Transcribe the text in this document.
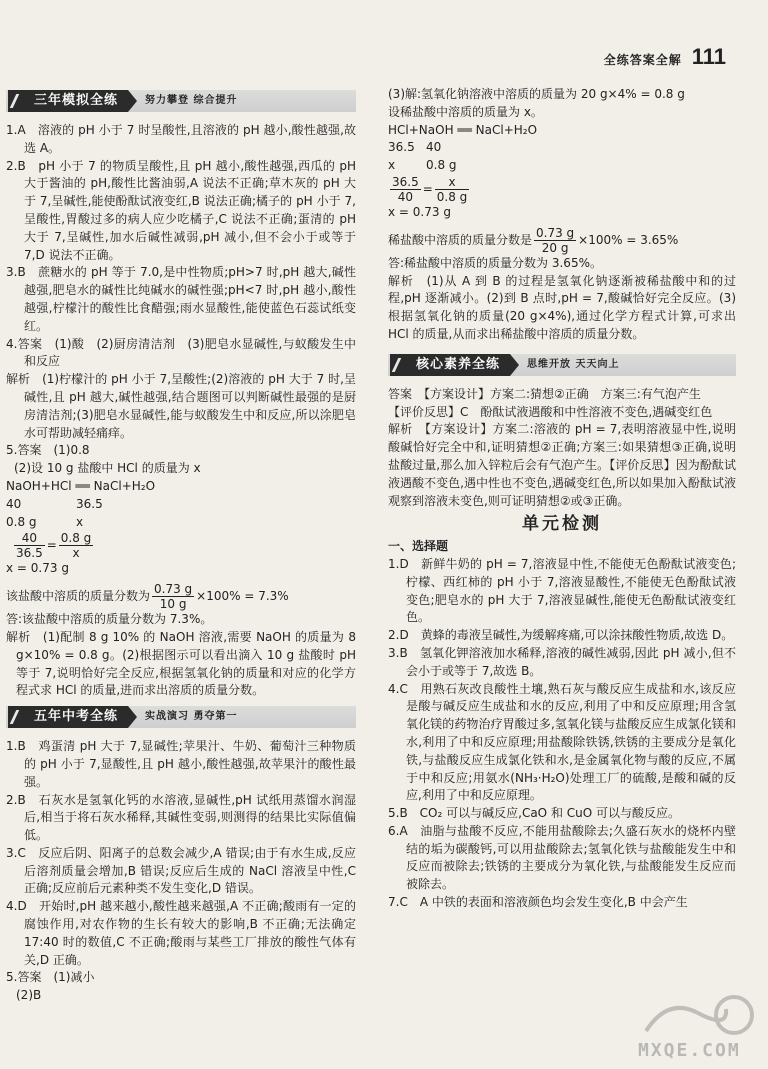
全练答案全解 111
三年模拟全练	努力攀登 综合提升

1.A　溶液的 pH 小于 7 时呈酸性,且溶液的 pH 越小,酸性越强,故选 A。

2.B　pH 小于 7 的物质呈酸性,且 pH 越小,酸性越强,西瓜的 pH 大于酱油的 pH,酸性比酱油弱,A 说法不正确;草木灰的 pH 大于 7,呈碱性,能使酚酞试液变红,B 说法正确;橘子的 pH 小于 7,呈酸性,胃酸过多的病人应少吃橘子,C 说法不正确;蛋清的 pH 大于 7,呈碱性,加水后碱性减弱,pH 减小,但不会小于或等于 7,D 说法不正确。

3.B　蔗糖水的 pH 等于 7.0,是中性物质;pH>7 时,pH 越大,碱性越强,肥皂水的碱性比纯碱水的碱性强;pH<7 时,pH 越小,酸性越强,柠檬汁的酸性比食醋强;雨水显酸性,能使蓝色石蕊试纸变红。

4.答案　(1)酸　(2)厨房清洁剂　(3)肥皂水显碱性,与蚁酸发生中和反应

解析　(1)柠檬汁的 pH 小于 7,呈酸性;(2)溶液的 pH 大于 7 时,呈碱性,且 pH 越大,碱性越强,结合题图可以判断碱性最强的是厨房清洁剂;(3)肥皂水显碱性,能与蚁酸发生中和反应,所以涂肥皂水可帮助减轻痛痒。

5.答案　(1)0.8

(2)设 10 g 盐酸中 HCl 的质量为 x

NaOH+HCl ══ NaCl+H₂O

40	36.5

0.8 g	x

$\frac{40}{36.5} = \frac{0.8 g}{x}$

x = 0.73 g

该盐酸中溶质的质量分数为 $\frac{0.73 g}{10 g} \times 100\% = 7.3\%$

答:该盐酸中溶质的质量分数为 7.3%。

解析　(1)配制 8 g 10% 的 NaOH 溶液,需要 NaOH 的质量为 8 g×10% = 0.8 g。(2)根据图示可以看出滴入 10 g 盐酸时 pH 等于 7,说明恰好完全反应,根据氢氧化钠的质量和对应的化学方程式求 HCl 的质量,进而求出溶质的质量分数。

五年中考全练	实战演习 勇夺第一

1.B　鸡蛋清 pH 大于 7,显碱性;苹果汁、牛奶、葡萄汁三种物质的 pH 小于 7,显酸性,且 pH 越小,酸性越强,故苹果汁的酸性最强。

2.B　石灰水是氢氧化钙的水溶液,显碱性,pH 试纸用蒸馏水润湿后,相当于将石灰水稀释,其碱性变弱,则测得的结果比实际值偏低。

3.C　反应后阴、阳离子的总数会减少,A 错误;由于有水生成,反应后溶剂质量会增加,B 错误;反应后生成的 NaCl 溶液呈中性,C 正确;反应前后元素种类不发生变化,D 错误。

4.D　开始时,pH 越来越小,酸性越来越强,A 不正确;酸雨有一定的腐蚀作用,对农作物的生长有较大的影响,B 不正确;无法确定 17:40 时的数值,C 不正确;酸雨与某些工厂排放的酸性气体有关,D 正确。

5.答案　(1)减小

(2)B

(3)解:氢氧化钠溶液中溶质的质量为 20 g×4% = 0.8 g

设稀盐酸中溶质的质量为 x。

HCl+NaOH ══ NaCl+H₂O

36.5 40

x	0.8 g

$\frac{36.5}{40} = \frac{x}{0.8 g}$

x = 0.73 g

稀盐酸中溶质的质量分数是 $\frac{0.73 g}{20 g} \times 100\% = 3.65\%$

答:稀盐酸中溶质的质量分数为 3.65%。

解析　(1)从 A 到 B 的过程是氢氧化钠逐渐被稀盐酸中和的过程,pH 逐渐减小。(2)到 B 点时,pH = 7,酸碱恰好完全反应。(3)根据氢氧化钠的质量(20 g×4%),通过化学方程式计算,可求出 HCl 的质量,从而求出稀盐酸中溶质的质量分数。

核心素养全练	思维开放 天天向上

答案　【方案设计】方案二:猜想②正确　方案三:有气泡产生

【评价反思】C　酚酞试液遇酸和中性溶液不变色,遇碱变红色

解析　【方案设计】方案二:溶液的 pH = 7,表明溶液显中性,说明酸碱恰好完全中和,证明猜想②正确;方案三:如果猜想③正确,说明盐酸过量,那么加入锌粒后会有气泡产生。【评价反思】因为酚酞试液遇酸不变色,遇中性也不变色,遇碱变红色,所以如果加入酚酞试液观察到溶液未变色,则可证明猜想②或③正确。

单元检测

一、选择题

1.D　新鲜牛奶的 pH = 7,溶液显中性,不能使无色酚酞试液变色;柠檬、西红柿的 pH 小于 7,溶液显酸性,不能使无色酚酞试液变色;肥皂水的 pH 大于 7,溶液显碱性,能使无色酚酞试液变红色。

2.D　黄蜂的毒液呈碱性,为缓解疼痛,可以涂抹酸性物质,故选 D。

3.B　氢氧化钾溶液加水稀释,溶液的碱性减弱,因此 pH 减小,但不会小于或等于 7,故选 B。

4.C　用熟石灰改良酸性土壤,熟石灰与酸反应生成盐和水,该反应是酸与碱反应生成盐和水的反应,利用了中和反应原理;用含氢氧化镁的药物治疗胃酸过多,氢氧化镁与盐酸反应生成氯化镁和水,利用了中和反应原理;用盐酸除铁锈,铁锈的主要成分是氧化铁,与盐酸反应生成氯化铁和水,是金属氧化物与酸的反应,不属于中和反应;用氨水(NH₃·H₂O)处理工厂的硫酸,是酸和碱的反应,利用了中和反应原理。

5.B　CO₂ 可以与碱反应,CaO 和 CuO 可以与酸反应。

6.A　油脂与盐酸不反应,不能用盐酸除去;久盛石灰水的烧杯内壁结的垢为碳酸钙,可以用盐酸除去;氢氧化铁与盐酸能发生中和反应而被除去;铁锈的主要成分为氧化铁,与盐酸能发生反应而被除去。

7.C　A 中铁的表面和溶液颜色均会发生变化,B 中会产生

MXQE.COM
